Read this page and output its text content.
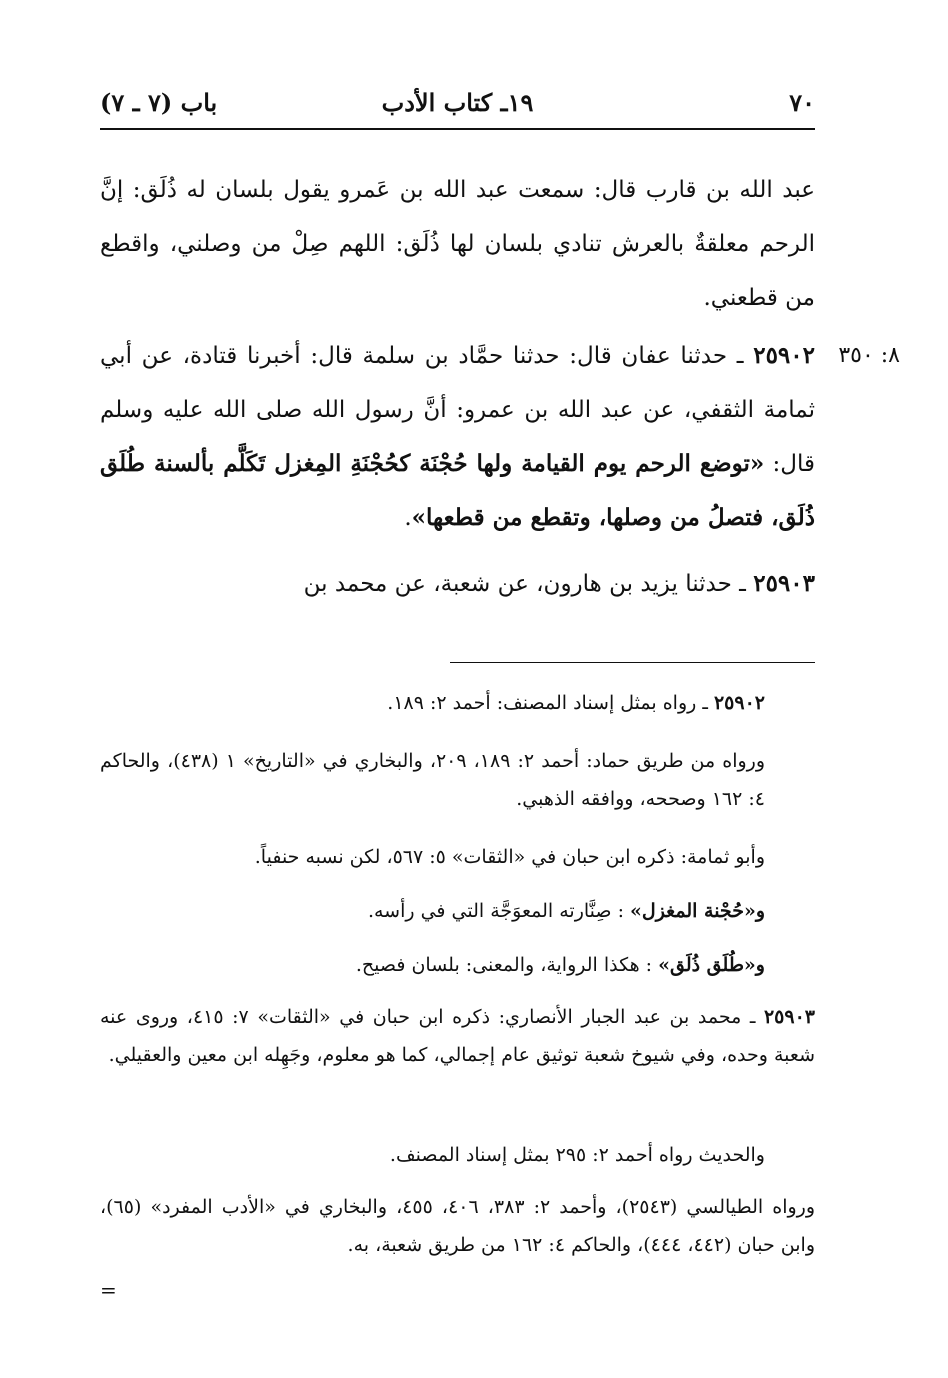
٧٠
١٩ـ كتاب الأدب
باب (٧ ـ ٧)
عبد الله بن قارب قال: سمعت عبد الله بن عَمرو يقول بلسان له ذُلَق: إنَّ الرحم معلقةٌ بالعرش تنادي بلسان لها ذُلَق: اللهم صِلْ من وصلني، واقطع من قطعني.
٨: ٣٥٠
٢٥٩٠٢ ـ حدثنا عفان قال: حدثنا حمَّاد بن سلمة قال: أخبرنا قتادة، عن أبي ثمامة الثقفي، عن عبد الله بن عمرو: أنَّ رسول الله صلى الله عليه وسلم قال: «توضع الرحم يوم القيامة ولها حُجْنَة كحُجْنَةِ المِغزل تَكَلَّم بألسنة طُلَق ذُلَق، فتصلُ من وصلها، وتقطع من قطعها».
٢٥٩٠٣ ـ حدثنا يزيد بن هارون، عن شعبة، عن محمد بن

٢٥٩٠٢ ـ رواه بمثل إسناد المصنف: أحمد ٢: ١٨٩.

ورواه من طريق حماد: أحمد ٢: ١٨٩، ٢٠٩، والبخاري في «التاريخ» ١ (٤٣٨)، والحاكم ٤: ١٦٢ وصححه، ووافقه الذهبي.

وأبو ثمامة: ذكره ابن حبان في «الثقات» ٥: ٥٦٧، لكن نسبه حنفياً.

و«حُجْنة المغزل» : صِنَّارته المعوَجَّة التي في رأسه.

و«طُلَق ذُلَق» : هكذا الرواية، والمعنى: بلسان فصيح.

٢٥٩٠٣ ـ محمد بن عبد الجبار الأنصاري: ذكره ابن حبان في «الثقات» ٧: ٤١٥، وروى عنه شعبة وحده، وفي شيوخ شعبة توثيق عام إجمالي، كما هو معلوم، وجَهِله ابن معين والعقيلي.

والحديث رواه أحمد ٢: ٢٩٥ بمثل إسناد المصنف.

ورواه الطيالسي (٢٥٤٣)، وأحمد ٢: ٣٨٣، ٤٠٦، ٤٥٥، والبخاري في «الأدب المفرد» (٦٥)، وابن حبان (٤٤٢، ٤٤٤)، والحاكم ٤: ١٦٢ من طريق شعبة، به.

=
